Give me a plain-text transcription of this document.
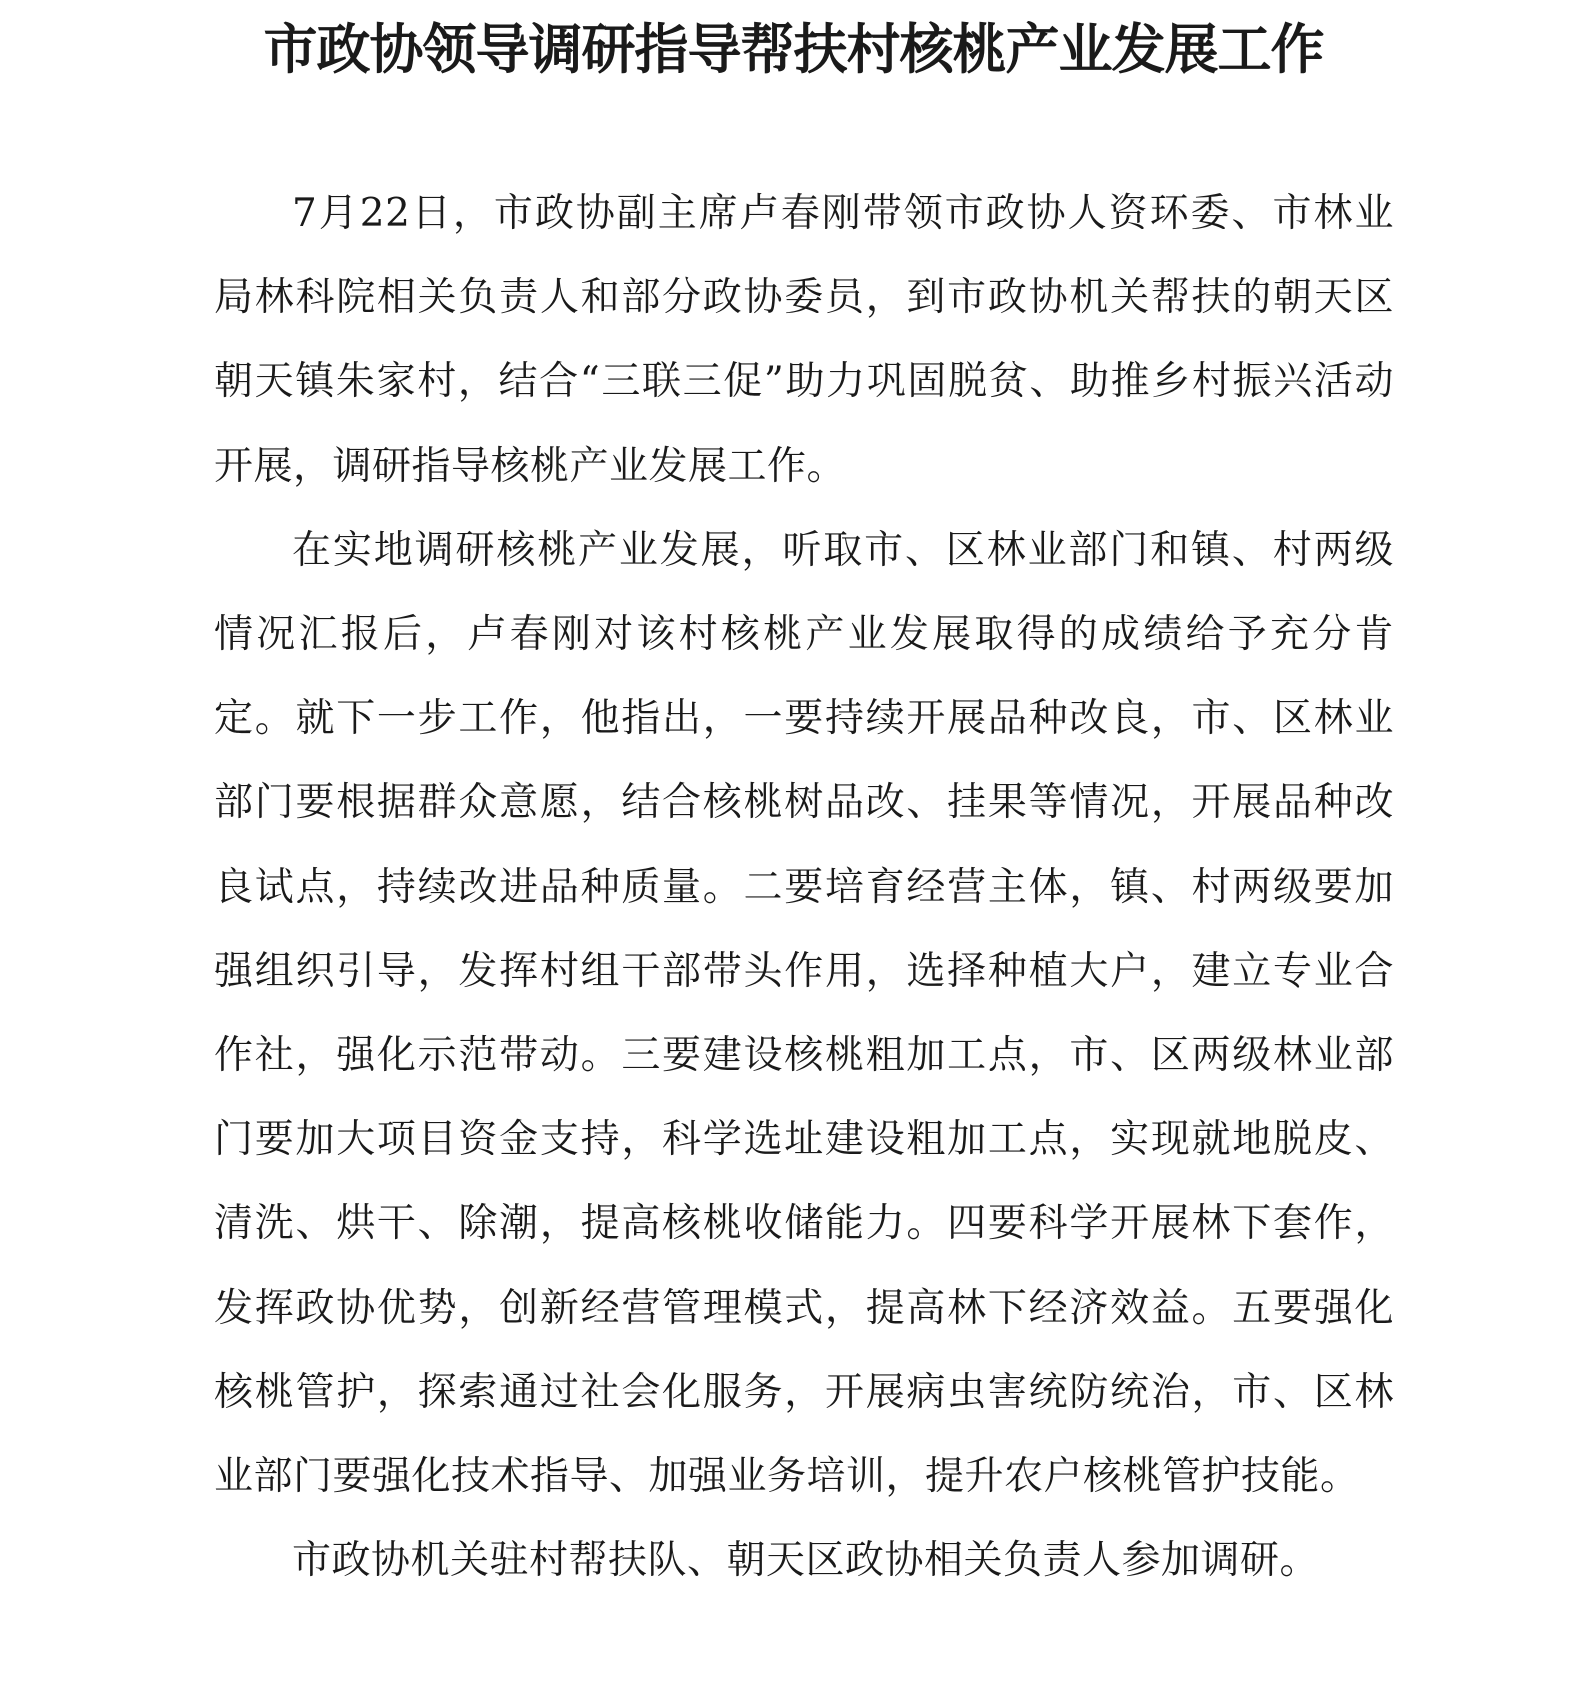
市政协领导调研指导帮扶村核桃产业发展工作

7月22日，市政协副主席卢春刚带领市政协人资环委、市林业局林科院相关负责人和部分政协委员，到市政协机关帮扶的朝天区朝天镇朱家村，结合“三联三促”助力巩固脱贫、助推乡村振兴活动开展，调研指导核桃产业发展工作。

在实地调研核桃产业发展，听取市、区林业部门和镇、村两级情况汇报后，卢春刚对该村核桃产业发展取得的成绩给予充分肯定。就下一步工作，他指出，一要持续开展品种改良，市、区林业部门要根据群众意愿，结合核桃树品改、挂果等情况，开展品种改良试点，持续改进品种质量。二要培育经营主体，镇、村两级要加强组织引导，发挥村组干部带头作用，选择种植大户，建立专业合作社，强化示范带动。三要建设核桃粗加工点，市、区两级林业部门要加大项目资金支持，科学选址建设粗加工点，实现就地脱皮、清洗、烘干、除潮，提高核桃收储能力。四要科学开展林下套作，发挥政协优势，创新经营管理模式，提高林下经济效益。五要强化核桃管护，探索通过社会化服务，开展病虫害统防统治，市、区林业部门要强化技术指导、加强业务培训，提升农户核桃管护技能。

市政协机关驻村帮扶队、朝天区政协相关负责人参加调研。
